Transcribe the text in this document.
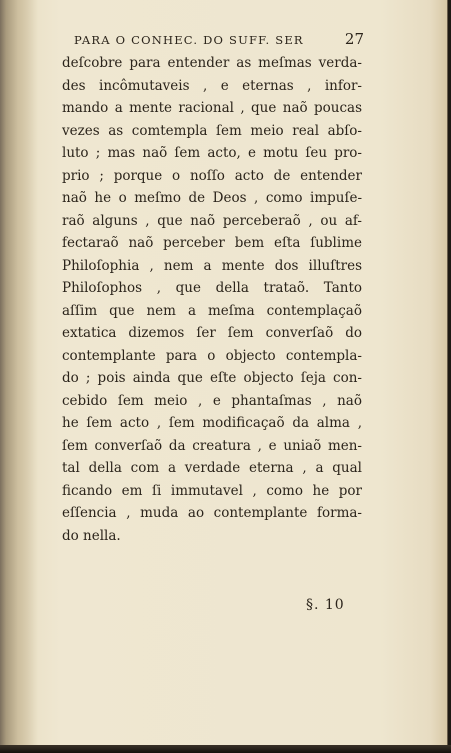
PARA O CONHEC. DO SUFF. SER	27
deſcobre para entender as meſmas verda-
des incômutaveis , e eternas , infor-
mando a mente racional , que naõ poucas
vezes as comtempla ſem meio real abſo-
luto ; mas naõ ſem acto, e motu ſeu pro-
prio ; porque o noſſo acto de entender
naõ he o meſmo de Deos , como impuſe-
raõ alguns , que naõ perceberaõ , ou af-
fectaraõ naõ perceber bem eſta ſublime
Philoſophia , nem a mente dos illuſtres
Philoſophos , que della trataõ. Tanto
aſſim que nem a meſma contemplaçaõ
extatica dizemos ſer ſem converſaõ do
contemplante para o objecto contempla-
do ; pois ainda que eſte objecto ſeja con-
cebido ſem meio , e phantaſmas , naõ
he ſem acto , ſem modificaçaõ da alma ,
ſem converſaõ da creatura , e uniaõ men-
tal della com a verdade eterna , a qual
ficando em ſi immutavel , como he por
eſſencia , muda ao contemplante forma-
do nella.
§. 10
